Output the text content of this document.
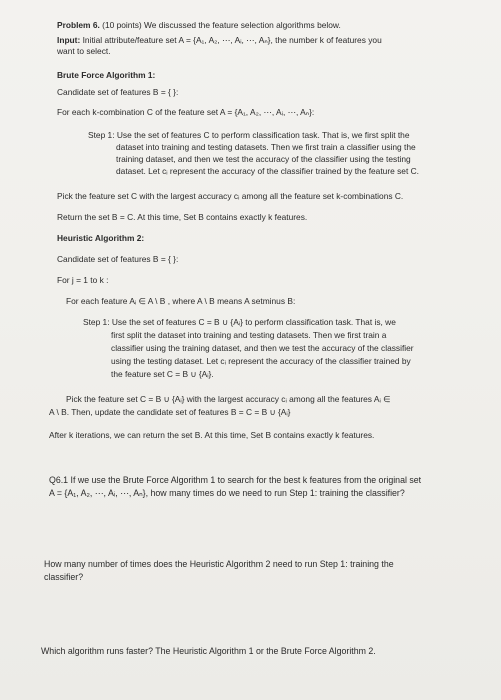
Problem 6. (10 points) We discussed the feature selection algorithms below.
Input: Initial attribute/feature set A = {A₁, A₂, ⋯, Aᵢ, ⋯, Aₙ}, the number k of features you
want to select.
Brute Force Algorithm 1:
Candidate set of features B = { }:
For each k-combination C of the feature set A = {A₁, A₂, ⋯, Aᵢ, ⋯, Aₙ}:
Step 1: Use the set of features C to perform classification task. That is, we first split the
dataset into training and testing datasets. Then we first train a classifier using the
training dataset, and then we test the accuracy of the classifier using the testing
dataset. Let cᵢ represent the accuracy of the classifier trained by the feature set C.
Pick the feature set C with the largest accuracy cᵢ among all the feature set k-combinations C.
Return the set B = C. At this time, Set B contains exactly k features.
Heuristic Algorithm 2:
Candidate set of features B = { }:
For j = 1 to k :
For each feature Aᵢ ∈ A \ B , where A \ B means A setminus B:
Step 1: Use the set of features C = B ∪ {Aᵢ} to perform classification task. That is, we
first split the dataset into training and testing datasets. Then we first train a
classifier using the training dataset, and then we test the accuracy of the classifier
using the testing dataset. Let cᵢ represent the accuracy of the classifier trained by
the feature set C = B ∪ {Aᵢ}.
Pick the feature set C = B ∪ {Aᵢ} with the largest accuracy cᵢ among all the features Aᵢ ∈
A \ B. Then, update the candidate set of features B = C = B ∪ {Aᵢ}
After k iterations, we can return the set B. At this time, Set B contains exactly k features.
Q6.1 If we use the Brute Force Algorithm 1 to search for the best k features from the original set
A = {A₁, A₂, ⋯, Aᵢ, ⋯, Aₙ}, how many times do we need to run Step 1: training the classifier?
How many number of times does the Heuristic Algorithm 2 need to run Step 1: training the
classifier?
Which algorithm runs faster? The Heuristic Algorithm 1 or the Brute Force Algorithm 2.
